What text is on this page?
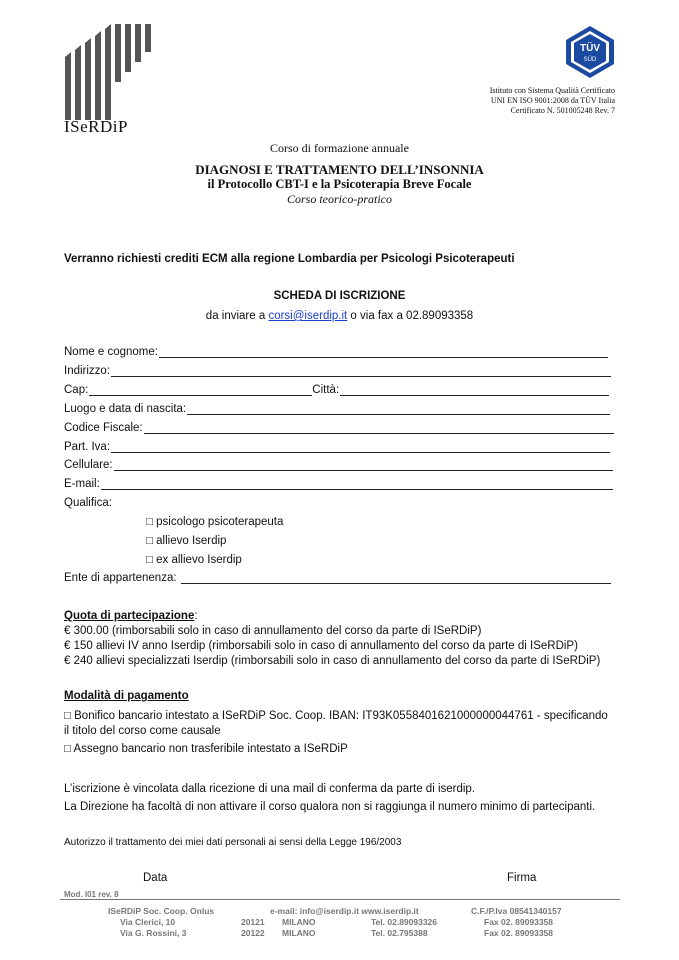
ISeRDiP
TÜV
SÜD
Istituto con Sistema Qualità Certificato
UNI EN ISO 9001:2008 da TÜV Italia
Certificato N. 501005248 Rev. 7
Corso di formazione annuale
DIAGNOSI E TRATTAMENTO DELL’INSONNIA
il Protocollo CBT-I e la Psicoterapia Breve Focale
Corso teorico-pratico
Verranno richiesti crediti ECM alla regione Lombardia per Psicologi Psicoterapeuti
SCHEDA DI ISCRIZIONE
da inviare a corsi@iserdip.it o via fax a 02.89093358
Nome e cognome:
Indirizzo:
Cap:	Città:
Luogo e data di nascita:
Codice Fiscale:
Part. Iva:
Cellulare:
E-mail:
Qualifica:
□ psicologo psicoterapeuta
□ allievo Iserdip
□ ex allievo Iserdip
Ente di appartenenza:
Quota di partecipazione:
€ 300.00 (rimborsabili solo in caso di annullamento del corso da parte di ISeRDiP)
€ 150 allievi IV anno Iserdip (rimborsabili solo in caso di annullamento del corso da parte di ISeRDiP)
€ 240 allievi specializzati Iserdip (rimborsabili solo in caso di annullamento del corso da parte di ISeRDiP)
Modalità di pagamento
□ Bonifico bancario intestato a ISeRDiP Soc. Coop. IBAN: IT93K0558401621000000044761 - specificando il titolo del corso come causale
□ Assegno bancario non trasferibile intestato a ISeRDiP
L’iscrizione è vincolata dalla ricezione di una mail di conferma da parte di iserdip.
La Direzione ha facoltà di non attivare il corso qualora non si raggiunga il numero minimo di partecipanti.
Autorizzo il trattamento dei miei dati personali ai sensi della Legge 196/2003
Data	Firma
Mod. I01 rev. 8
ISeRDiP Soc. Coop. Onlus	e-mail: info@iserdip.it www.iserdip.it	C.F./P.Iva 08541340157
Via Clerici, 10	20121 MILANO	Tel. 02.89093326	Fax 02. 89093358
Via G. Rossini, 3	20122 MILANO	Tel. 02.795388	Fax 02. 89093358
